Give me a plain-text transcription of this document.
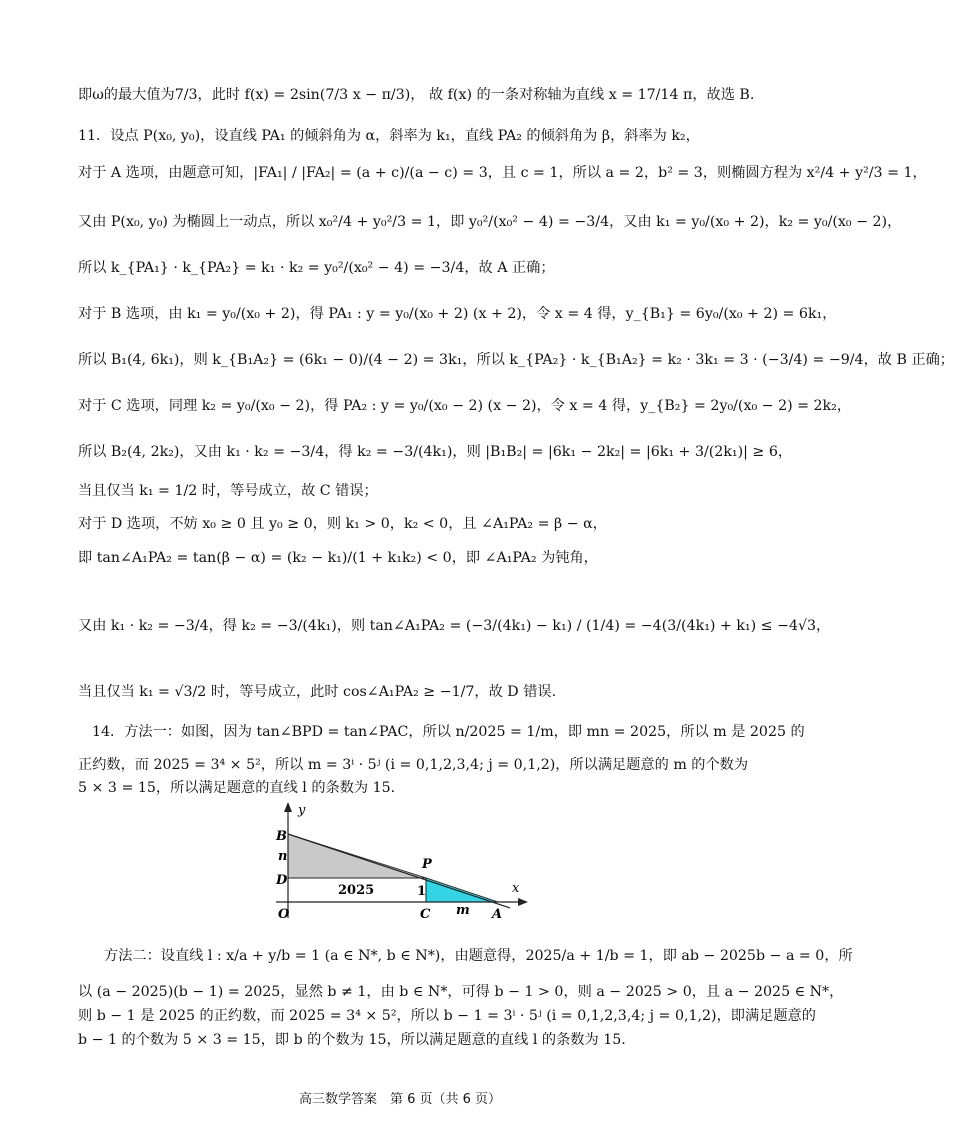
即ω的最大值为7/3，此时 f(x) = 2sin(7/3 x − π/3)， 故 f(x) 的一条对称轴为直线 x = 17/14 π，故选 B.
11．设点 P(x₀, y₀)，设直线 PA₁ 的倾斜角为 α，斜率为 k₁，直线 PA₂ 的倾斜角为 β，斜率为 k₂，
对于 A 选项，由题意可知，|FA₁| / |FA₂| = (a + c)/(a − c) = 3，且 c = 1，所以 a = 2，b² = 3，则椭圆方程为 x²/4 + y²/3 = 1，
又由 P(x₀, y₀) 为椭圆上一动点，所以 x₀²/4 + y₀²/3 = 1，即 y₀²/(x₀² − 4) = −3/4，又由 k₁ = y₀/(x₀ + 2)，k₂ = y₀/(x₀ − 2)，
所以 k_{PA₁} · k_{PA₂} = k₁ · k₂ = y₀²/(x₀² − 4) = −3/4，故 A 正确；
对于 B 选项，由 k₁ = y₀/(x₀ + 2)，得 PA₁ : y = y₀/(x₀ + 2) (x + 2)，令 x = 4 得，y_{B₁} = 6y₀/(x₀ + 2) = 6k₁，
所以 B₁(4, 6k₁)，则 k_{B₁A₂} = (6k₁ − 0)/(4 − 2) = 3k₁，所以 k_{PA₂} · k_{B₁A₂} = k₂ · 3k₁ = 3 · (−3/4) = −9/4，故 B 正确；
对于 C 选项，同理 k₂ = y₀/(x₀ − 2)，得 PA₂ : y = y₀/(x₀ − 2) (x − 2)，令 x = 4 得，y_{B₂} = 2y₀/(x₀ − 2) = 2k₂，
所以 B₂(4, 2k₂)，又由 k₁ · k₂ = −3/4，得 k₂ = −3/(4k₁)，则 |B₁B₂| = |6k₁ − 2k₂| = |6k₁ + 3/(2k₁)| ≥ 6，
当且仅当 k₁ = 1/2 时，等号成立，故 C 错误；
对于 D 选项，不妨 x₀ ≥ 0 且 y₀ ≥ 0，则 k₁ > 0，k₂ < 0，且 ∠A₁PA₂ = β − α，
即 tan∠A₁PA₂ = tan(β − α) = (k₂ − k₁)/(1 + k₁k₂) < 0，即 ∠A₁PA₂ 为钝角，
又由 k₁ · k₂ = −3/4，得 k₂ = −3/(4k₁)，则 tan∠A₁PA₂ = (−3/(4k₁) − k₁) / (1/4) = −4(3/(4k₁) + k₁) ≤ −4√3，
当且仅当 k₁ = √3/2 时，等号成立，此时 cos∠A₁PA₂ ≥ −1/7，故 D 错误.
14．方法一：如图，因为 tan∠BPD = tan∠PAC，所以 n/2025 = 1/m，即 mn = 2025，所以 m 是 2025 的
正约数，而 2025 = 3⁴ × 5²，所以 m = 3ⁱ · 5ʲ (i = 0,1,2,3,4; j = 0,1,2)，所以满足题意的 m 的个数为
5 × 3 = 15，所以满足题意的直线 l 的条数为 15.
方法二：设直线 l : x/a + y/b = 1 (a ∈ N*, b ∈ N*)，由题意得，2025/a + 1/b = 1，即 ab − 2025b − a = 0，所
以 (a − 2025)(b − 1) = 2025，显然 b ≠ 1，由 b ∈ N*，可得 b − 1 > 0，则 a − 2025 > 0，且 a − 2025 ∈ N*，
则 b − 1 是 2025 的正约数，而 2025 = 3⁴ × 5²，所以 b − 1 = 3ⁱ · 5ʲ (i = 0,1,2,3,4; j = 0,1,2)，即满足题意的
b − 1 的个数为 5 × 3 = 15，即 b 的个数为 15，所以满足题意的直线 l 的条数为 15.
y
x
B
n
D
2025
P
1
m
O	C	A
高三数学答案　第 6 页（共 6 页）
